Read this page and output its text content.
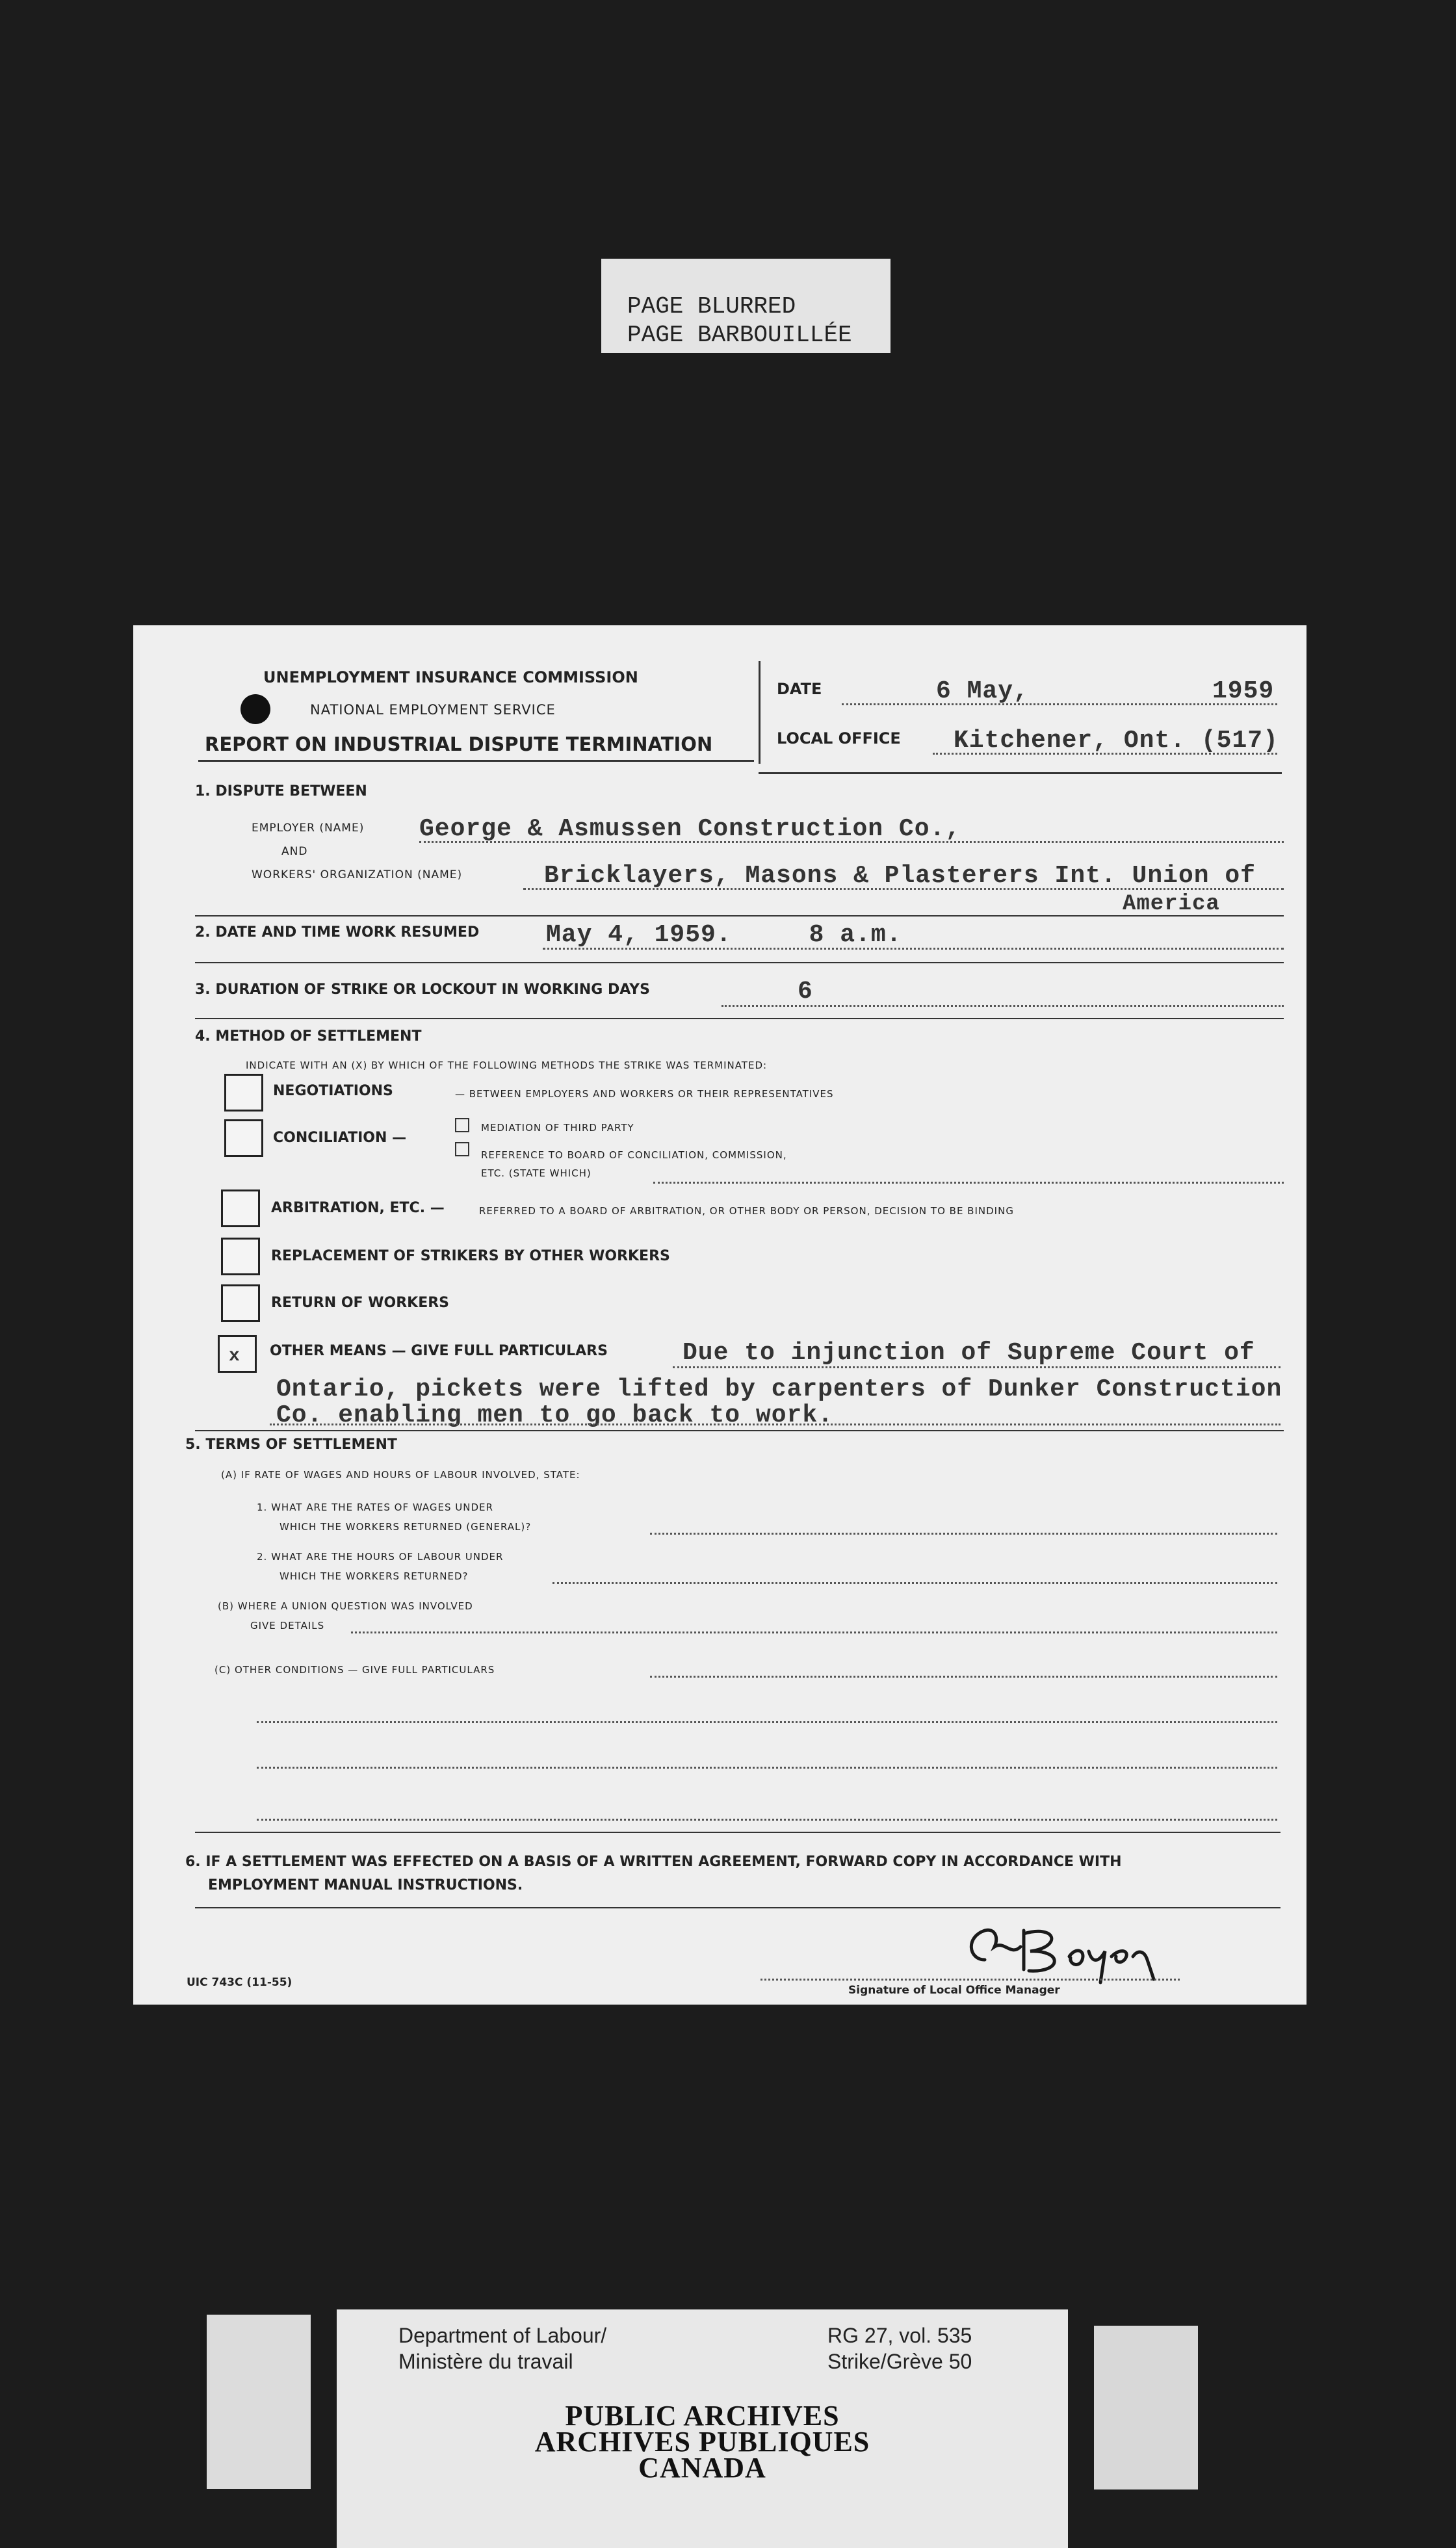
PAGE BLURRED
PAGE BARBOUILLÉE
UNEMPLOYMENT INSURANCE COMMISSION
NATIONAL EMPLOYMENT SERVICE
REPORT ON INDUSTRIAL DISPUTE TERMINATION
DATE	6 May,	1959
LOCAL OFFICE Kitchener, Ont. (517)
1. DISPUTE BETWEEN
EMPLOYER (NAME) George & Asmussen Construction Co.,
AND
WORKERS' ORGANIZATION (NAME)	Bricklayers, Masons & Plasterers Int. Union of
America
2. DATE AND TIME WORK RESUMED	May 4, 1959.     8 a.m.
3. DURATION OF STRIKE OR LOCKOUT IN WORKING DAYS	6
4. METHOD OF SETTLEMENT
INDICATE WITH AN (X) BY WHICH OF THE FOLLOWING METHODS THE STRIKE WAS TERMINATED:
NEGOTIATIONS	— BETWEEN EMPLOYERS AND WORKERS OR THEIR REPRESENTATIVES
CONCILIATION —
MEDIATION OF THIRD PARTY
REFERENCE TO BOARD OF CONCILIATION, COMMISSION,
ETC. (STATE WHICH)
ARBITRATION, ETC. —	REFERRED TO A BOARD OF ARBITRATION, OR OTHER BODY OR PERSON, DECISION TO BE BINDING
REPLACEMENT OF STRIKERS BY OTHER WORKERS
RETURN OF WORKERS
x OTHER MEANS — GIVE FULL PARTICULARS	Due to injunction of Supreme Court of
Ontario, pickets were lifted by carpenters of Dunker Construction
Co. enabling men to go back to work.
5. TERMS OF SETTLEMENT
(A) IF RATE OF WAGES AND HOURS OF LABOUR INVOLVED, STATE:
1. WHAT ARE THE RATES OF WAGES UNDER
WHICH THE WORKERS RETURNED (GENERAL)?
2. WHAT ARE THE HOURS OF LABOUR UNDER
WHICH THE WORKERS RETURNED?
(B) WHERE A UNION QUESTION WAS INVOLVED
GIVE DETAILS
(C) OTHER CONDITIONS — GIVE FULL PARTICULARS
6. IF A SETTLEMENT WAS EFFECTED ON A BASIS OF A WRITTEN AGREEMENT, FORWARD COPY IN ACCORDANCE WITH
EMPLOYMENT MANUAL INSTRUCTIONS.
UIC 743C (11-55)
Signature of Local Office Manager
Department of Labour/
Ministère du travail
RG 27, vol. 535
Strike/Grève 50
PUBLIC ARCHIVES
ARCHIVES PUBLIQUES
CANADA
